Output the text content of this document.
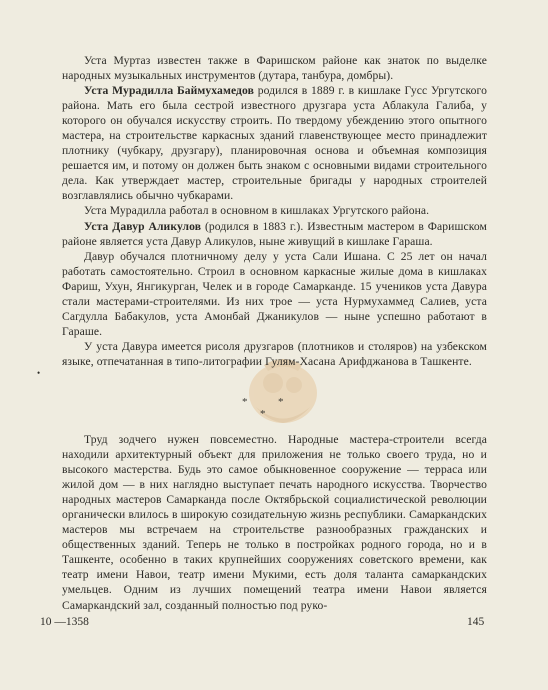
Уста Муртаз известен также в Фаришском районе как знаток по выделке народных музыкальных инструментов (дутара, танбура, домбры).

Уста Мурадилла Баймухамедов родился в 1889 г. в кишлаке Гусс Ургутского района. Мать его была сестрой известного друзгара уста Аблакула Галиба, у которого он обучался искусству строить. По твердому убеждению этого опытного мастера, на строительстве каркасных зданий главенствующее место принадлежит плотнику (чубкару, друзгару), планировочная основа и объемная композиция решается им, и потому он должен быть знаком с основными видами строительного дела. Как утверждает мастер, строительные бригады у народных строителей возглавлялись обычно чубкарами.

Уста Мурадилла работал в основном в кишлаках Ургутского района.

Уста Давур Аликулов (родился в 1883 г.). Известным мастером в Фаришском районе является уста Давур Аликулов, ныне живущий в кишлаке Гараша.

Давур обучался плотничному делу у уста Сали Ишана. С 25 лет он начал работать самостоятельно. Строил в основном каркасные жилые дома в кишлаках Фариш, Ухун, Янгикурган, Челек и в городе Самарканде. 15 учеников уста Давура стали мастерами-строителями. Из них трое — уста Нурмухаммед Салиев, уста Сагдулла Бабакулов, уста Амонбай Джаникулов — ныне успешно работают в Гараше.

У уста Давура имеется рисоля друзгаров (плотников и столяров) на узбекском языке, отпечатанная в типо-литографии Гулям-Хасана Арифджанова в Ташкенте.

•
*	*
*

Труд зодчего нужен повсеместно. Народные мастера-строители всегда находили архитектурный объект для приложения не только своего труда, но и высокого мастерства. Будь это самое обыкновенное сооружение — терраса или жилой дом — в них наглядно выступает печать народного искусства. Творчество народных мастеров Самарканда после Октябрьской социалистической революции органически влилось в широкую созидательную жизнь республики. Самаркандских мастеров мы встречаем на строительстве разнообразных гражданских и общественных зданий. Теперь не только в постройках родного города, но и в Ташкенте, особенно в таких крупнейших сооружениях советского времени, как театр имени Навои, театр имени Мукими, есть доля таланта самаркандских умельцев. Одним из лучших помещений театра имени Навои является Самаркандский зал, созданный полностью под руко-

10 —1358	145
